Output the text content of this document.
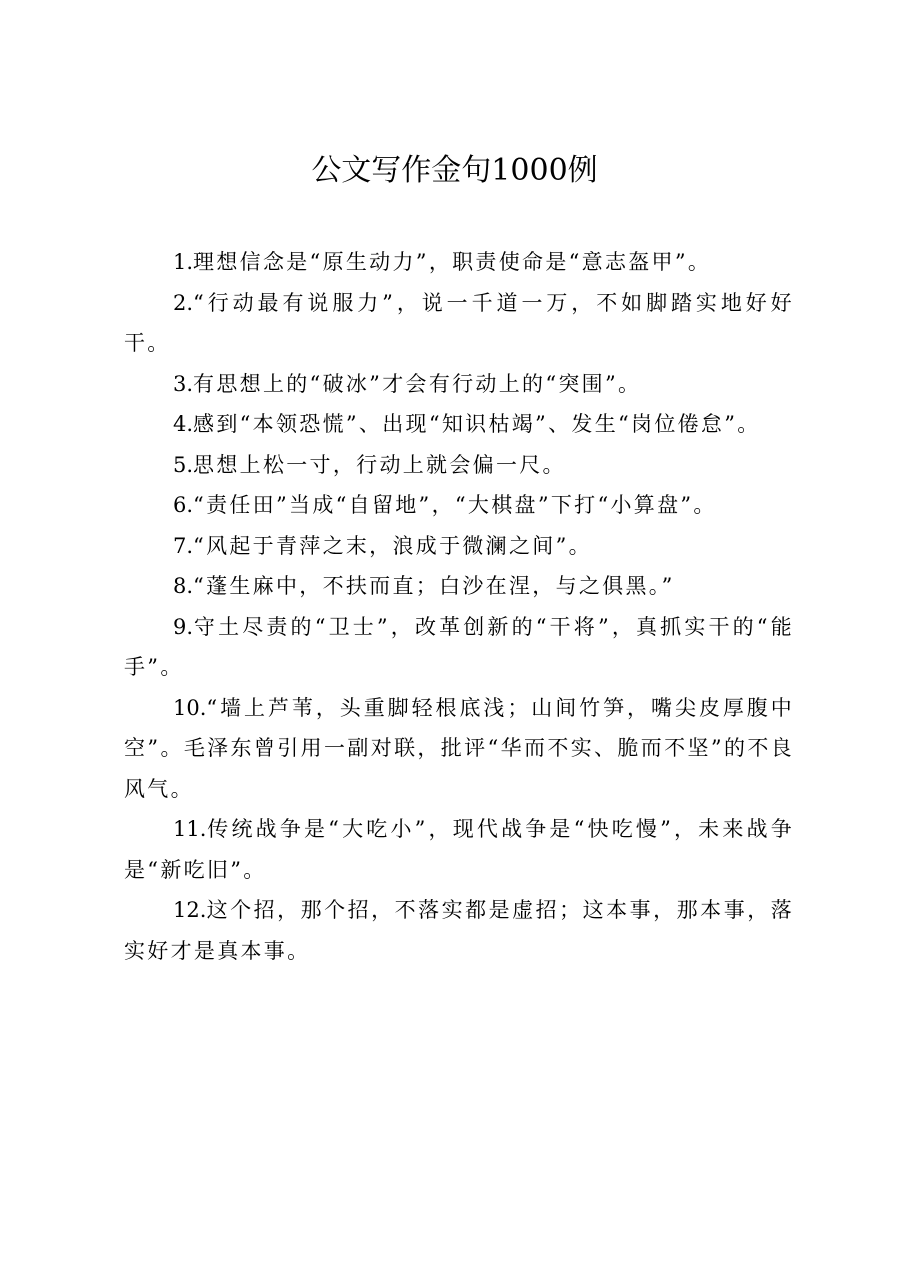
公文写作金句1000例

1.理想信念是“原生动力”，职责使命是“意志盔甲”。

2.“行动最有说服力”，说一千道一万，不如脚踏实地好好干。

3.有思想上的“破冰”才会有行动上的“突围”。

4.感到“本领恐慌”、出现“知识枯竭”、发生“岗位倦怠”。

5.思想上松一寸，行动上就会偏一尺。

6.“责任田”当成“自留地”，“大棋盘”下打“小算盘”。

7.“风起于青萍之末，浪成于微澜之间”。

8.“蓬生麻中，不扶而直；白沙在涅，与之俱黑。”

9.守土尽责的“卫士”，改革创新的“干将”，真抓实干的“能手”。

10.“墙上芦苇，头重脚轻根底浅；山间竹笋，嘴尖皮厚腹中空”。毛泽东曾引用一副对联，批评“华而不实、脆而不坚”的不良风气。

11.传统战争是“大吃小”，现代战争是“快吃慢”，未来战争是“新吃旧”。

12.这个招，那个招，不落实都是虚招；这本事，那本事，落实好才是真本事。
